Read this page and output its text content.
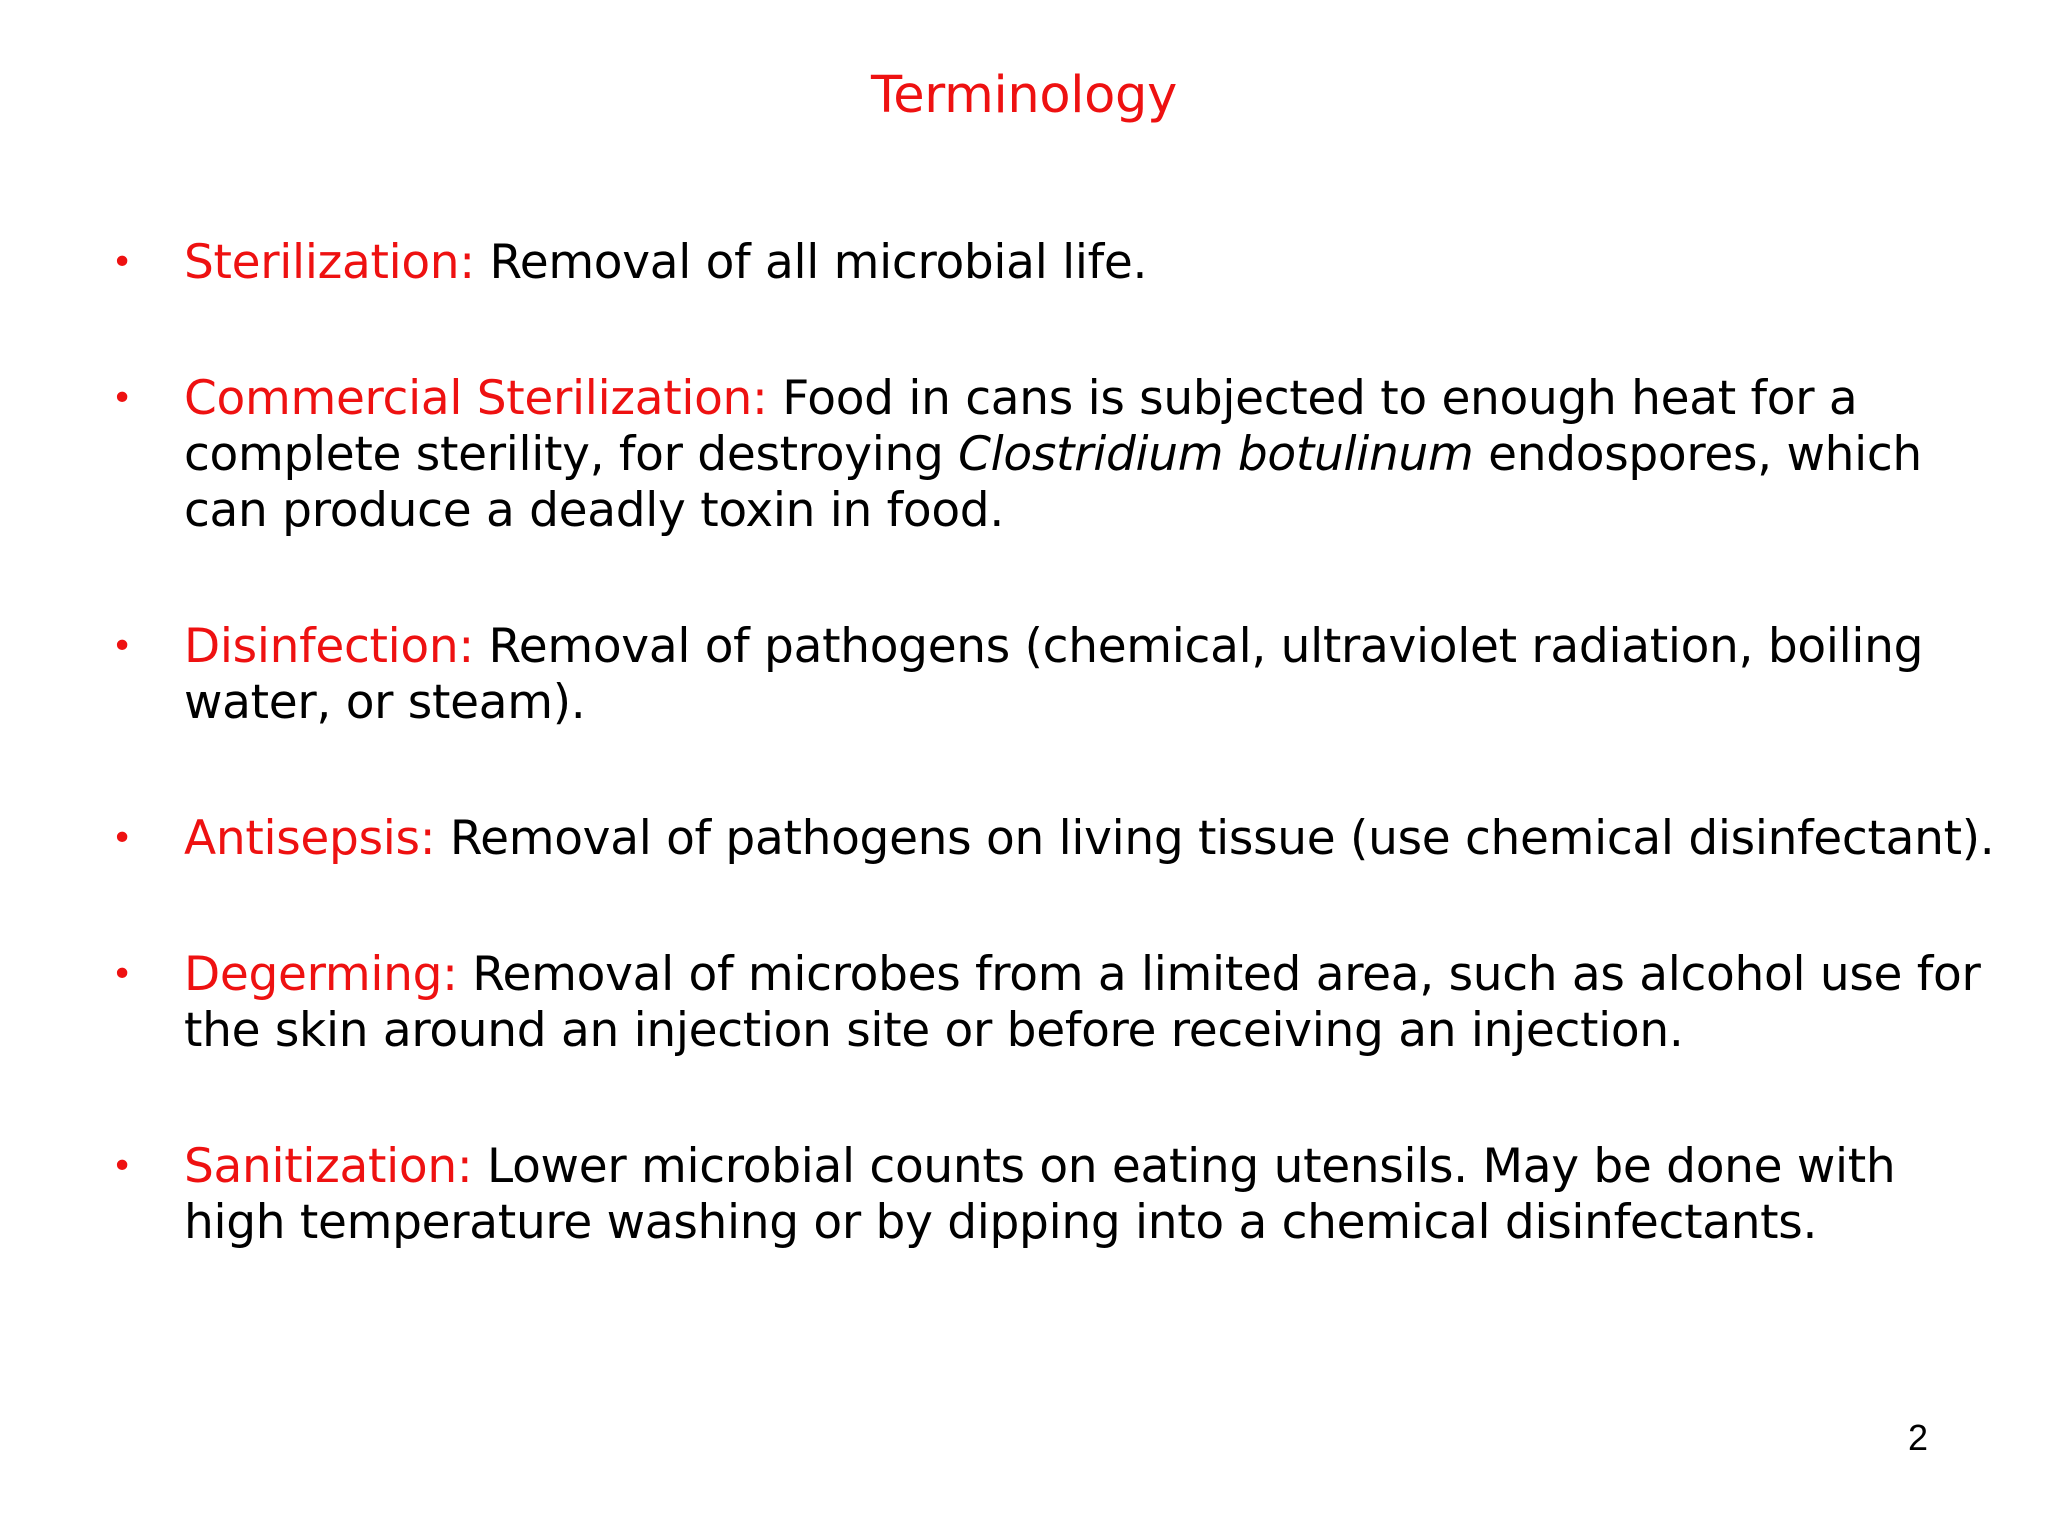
Terminology
• Sterilization: Removal of all microbial life.
• Commercial Sterilization: Food in cans is subjected to enough heat for a complete sterility, for destroying Clostridium botulinum endospores, which can produce a deadly toxin in food.
• Disinfection: Removal of pathogens (chemical, ultraviolet radiation, boiling water, or steam).
• Antisepsis: Removal of pathogens on living tissue (use chemical disinfectant).
• Degerming: Removal of microbes from a limited area, such as alcohol use for the skin around an injection site or before receiving an injection.
• Sanitization: Lower microbial counts on eating utensils. May be done with high temperature washing or by dipping into a chemical disinfectants.
2
